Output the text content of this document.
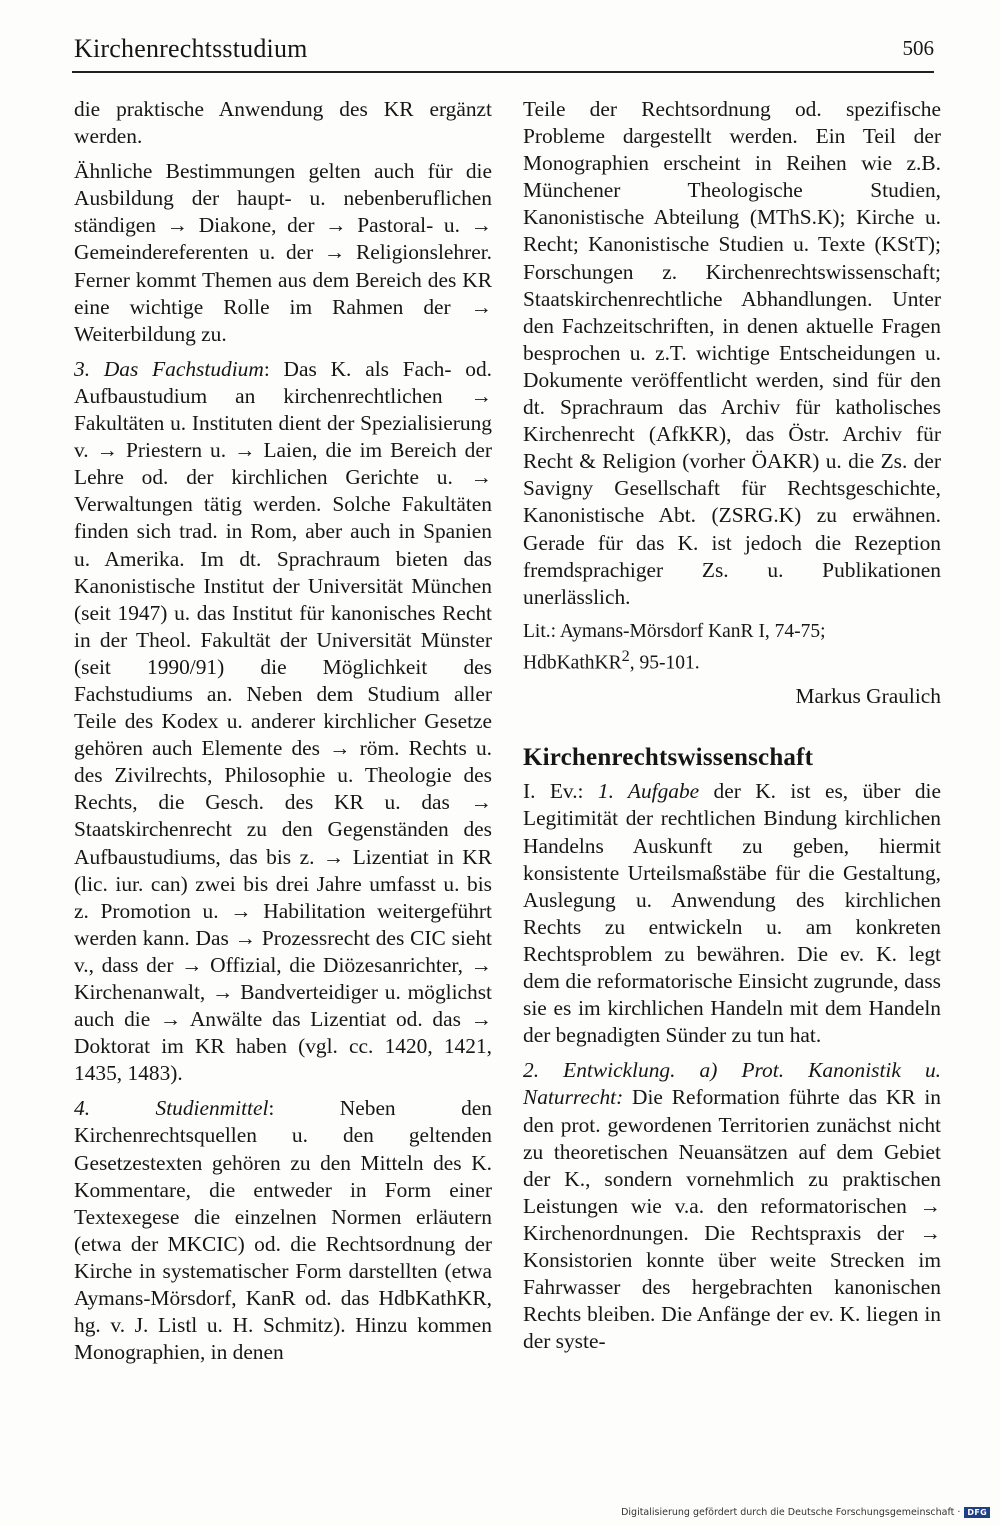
Kirchenrechtsstudium	506

die praktische Anwendung des KR ergänzt werden.

Ähnliche Bestimmungen gelten auch für die Ausbildung der haupt- u. nebenberuflichen ständigen → Diakone, der → Pastoral- u. → Gemeindereferenten u. der → Religionslehrer. Ferner kommt Themen aus dem Bereich des KR eine wichtige Rolle im Rahmen der → Weiterbildung zu.

3. Das Fachstudium: Das K. als Fach- od. Aufbaustudium an kirchenrechtlichen → Fakultäten u. Instituten dient der Spezialisierung v. → Priestern u. → Laien, die im Bereich der Lehre od. der kirchlichen Gerichte u. → Verwaltungen tätig werden. Solche Fakultäten finden sich trad. in Rom, aber auch in Spanien u. Amerika. Im dt. Sprachraum bieten das Kanonistische Institut der Universität München (seit 1947) u. das Institut für kanonisches Recht in der Theol. Fakultät der Universität Münster (seit 1990/91) die Möglichkeit des Fachstudiums an. Neben dem Studium aller Teile des Kodex u. anderer kirchlicher Gesetze gehören auch Elemente des → röm. Rechts u. des Zivilrechts, Philosophie u. Theologie des Rechts, die Gesch. des KR u. das → Staatskirchenrecht zu den Gegenständen des Aufbaustudiums, das bis z. → Lizentiat in KR (lic. iur. can) zwei bis drei Jahre umfasst u. bis z. Promotion u. → Habilitation weitergeführt werden kann. Das → Prozessrecht des CIC sieht v., dass der → Offizial, die Diözesanrichter, → Kirchenanwalt, → Bandverteidiger u. möglichst auch die → Anwälte das Lizentiat od. das → Doktorat im KR haben (vgl. cc. 1420, 1421, 1435, 1483).

4. Studienmittel: Neben den Kirchenrechtsquellen u. den geltenden Gesetzestexten gehören zu den Mitteln des K. Kommentare, die entweder in Form einer Textexegese die einzelnen Normen erläutern (etwa der MKCIC) od. die Rechtsordnung der Kirche in systematischer Form darstellten (etwa Aymans-Mörsdorf, KanR od. das HdbKathKR, hg. v. J. Listl u. H. Schmitz). Hinzu kommen Monographien, in denen

Teile der Rechtsordnung od. spezifische Probleme dargestellt werden. Ein Teil der Monographien erscheint in Reihen wie z.B. Münchener Theologische Studien, Kanonistische Abteilung (MThS.K); Kirche u. Recht; Kanonistische Studien u. Texte (KStT); Forschungen z. Kirchenrechtswissenschaft; Staatskirchenrechtliche Abhandlungen. Unter den Fachzeitschriften, in denen aktuelle Fragen besprochen u. z.T. wichtige Entscheidungen u. Dokumente veröffentlicht werden, sind für den dt. Sprachraum das Archiv für katholisches Kirchenrecht (AfkKR), das Östr. Archiv für Recht & Religion (vorher ÖAKR) u. die Zs. der Savigny Gesellschaft für Rechtsgeschichte, Kanonistische Abt. (ZSRG.K) zu erwähnen. Gerade für das K. ist jedoch die Rezeption fremdsprachiger Zs. u. Publikationen unerlässlich.

Lit.: Aymans-Mörsdorf KanR I, 74-75; HdbKathKR$^2$, 95-101.

Markus Graulich

Kirchenrechtswissenschaft

I. Ev.: 1. Aufgabe der K. ist es, über die Legitimität der rechtlichen Bindung kirchlichen Handelns Auskunft zu geben, hiermit konsistente Urteilsmaßstäbe für die Gestaltung, Auslegung u. Anwendung des kirchlichen Rechts zu entwickeln u. am konkreten Rechtsproblem zu bewähren. Die ev. K. legt dem die reformatorische Einsicht zugrunde, dass sie es im kirchlichen Handeln mit dem Handeln der begnadigten Sünder zu tun hat.

2. Entwicklung. a) Prot. Kanonistik u. Naturrecht: Die Reformation führte das KR in den prot. gewordenen Territorien zunächst nicht zu theoretischen Neuansätzen auf dem Gebiet der K., sondern vornehmlich zu praktischen Leistungen wie v.a. den reformatorischen → Kirchenordnungen. Die Rechtspraxis der → Konsistorien konnte über weite Strecken im Fahrwasser des hergebrachten kanonischen Rechts bleiben. Die Anfänge der ev. K. liegen in der syste-

Digitalisierung gefördert durch die Deutsche Forschungsgemeinschaft · DFG
